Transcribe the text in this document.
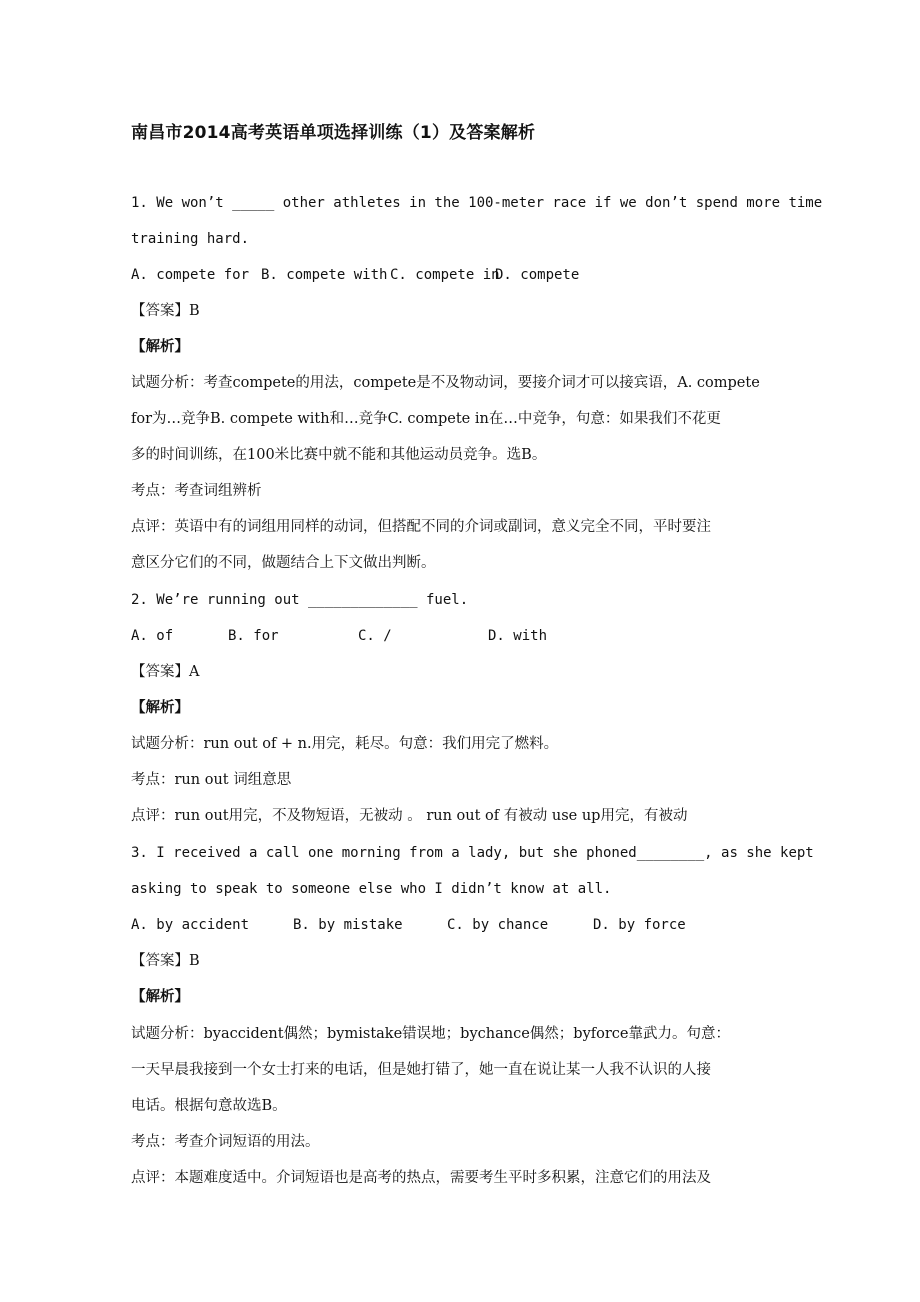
南昌市2014高考英语单项选择训练（1）及答案解析
1. We won’t _____ other athletes in the 100-meter race if we don’t spend more time
training hard.
A. compete for B. compete with C. compete inD. compete
【答案】B
【解析】
试题分析：考查compete的用法，compete是不及物动词，要接介词才可以接宾语，A. compete
for为…竞争B. compete with和…竞争C. compete in在…中竞争，句意：如果我们不花更
多的时间训练，在100米比赛中就不能和其他运动员竞争。选B。
考点：考查词组辨析
点评：英语中有的词组用同样的动词，但搭配不同的介词或副词，意义完全不同，平时要注
意区分它们的不同，做题结合上下文做出判断。
2. We’re running out _____________ fuel.
A. of	B. for	C. /	D. with
【答案】A
【解析】
试题分析：run out of + n.用完，耗尽。句意：我们用完了燃料。
考点：run out 词组意思
点评：run out用完，不及物短语，无被动 。 run out of 有被动 use up用完，有被动
3. I received a call one morning from a lady, but she phoned________, as she kept
asking to speak to someone else who I didn’t know at all.
A. by accident	B. by mistake	C. by chance	D. by force
【答案】B
【解析】
试题分析：byaccident偶然；bymistake错误地；bychance偶然；byforce靠武力。句意：
一天早晨我接到一个女士打来的电话，但是她打错了，她一直在说让某一人我不认识的人接
电话。根据句意故选B。
考点：考查介词短语的用法。
点评：本题难度适中。介词短语也是高考的热点，需要考生平时多积累，注意它们的用法及
